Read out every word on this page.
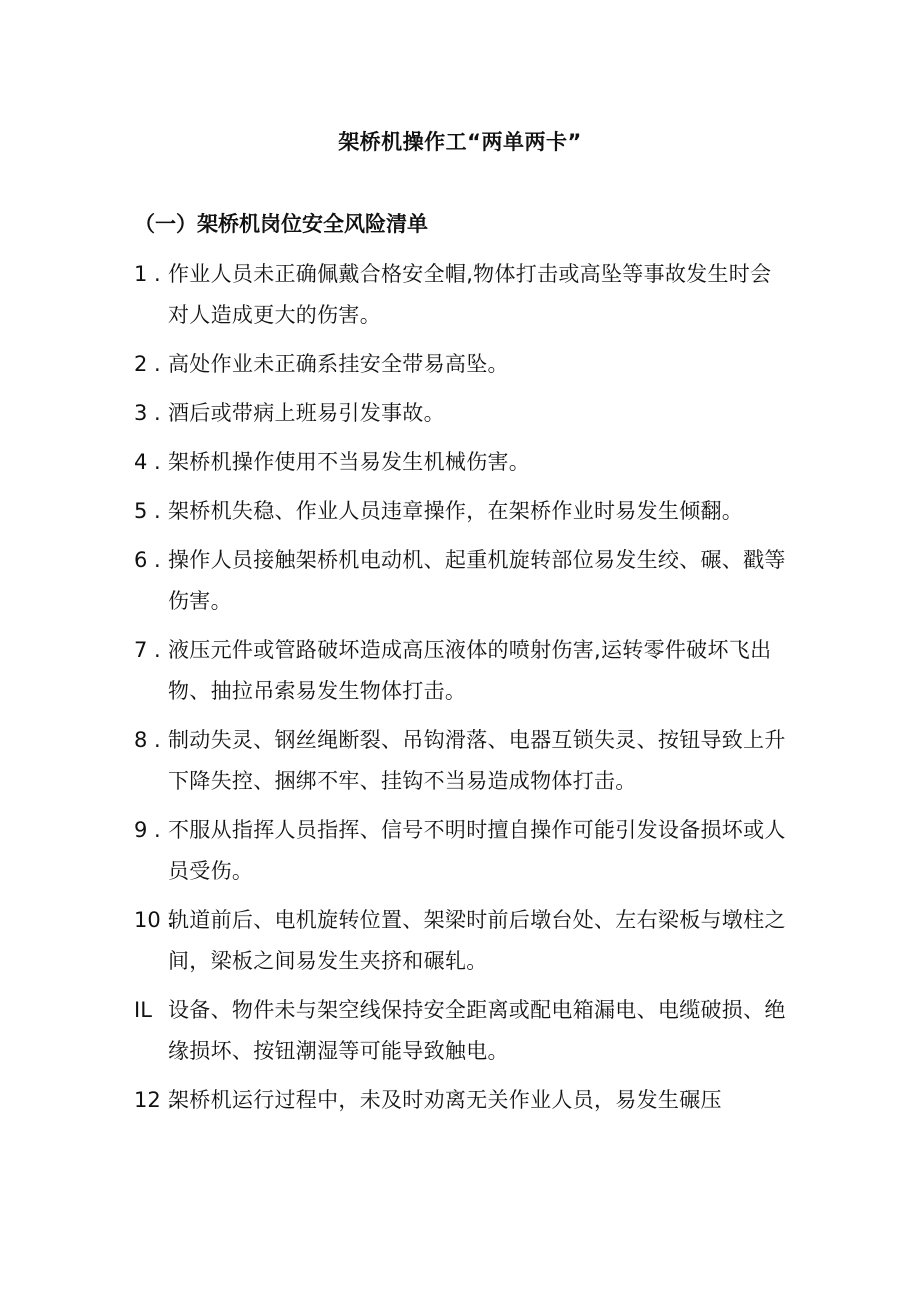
架桥机操作工“两单两卡”
（一）架桥机岗位安全风险清单
1 . 作业人员未正确佩戴合格安全帽,物体打击或高坠等事故发生时会对人造成更大的伤害。
2 . 高处作业未正确系挂安全带易高坠。
3 . 酒后或带病上班易引发事故。
4 . 架桥机操作使用不当易发生机械伤害。
5 . 架桥机失稳、作业人员违章操作，在架桥作业时易发生倾翻。
6 . 操作人员接触架桥机电动机、起重机旋转部位易发生绞、碾、戳等伤害。
7 . 液压元件或管路破坏造成高压液体的喷射伤害,运转零件破坏飞出物、抽拉吊索易发生物体打击。
8 . 制动失灵、钢丝绳断裂、吊钩滑落、电器互锁失灵、按钮导致上升下降失控、捆绑不牢、挂钩不当易造成物体打击。
9 . 不服从指挥人员指挥、信号不明时擅自操作可能引发设备损坏或人员受伤。
10 .
轨道前后、电机旋转位置、架梁时前后墩台处、左右梁板与墩柱之间，梁板之间易发生夹挤和碾轧。
IL 设备、物件未与架空线保持安全距离或配电箱漏电、电缆破损、绝缘损坏、按钮潮湿等可能导致触电。
12 .
架桥机运行过程中，未及时劝离无关作业人员，易发生碾压
